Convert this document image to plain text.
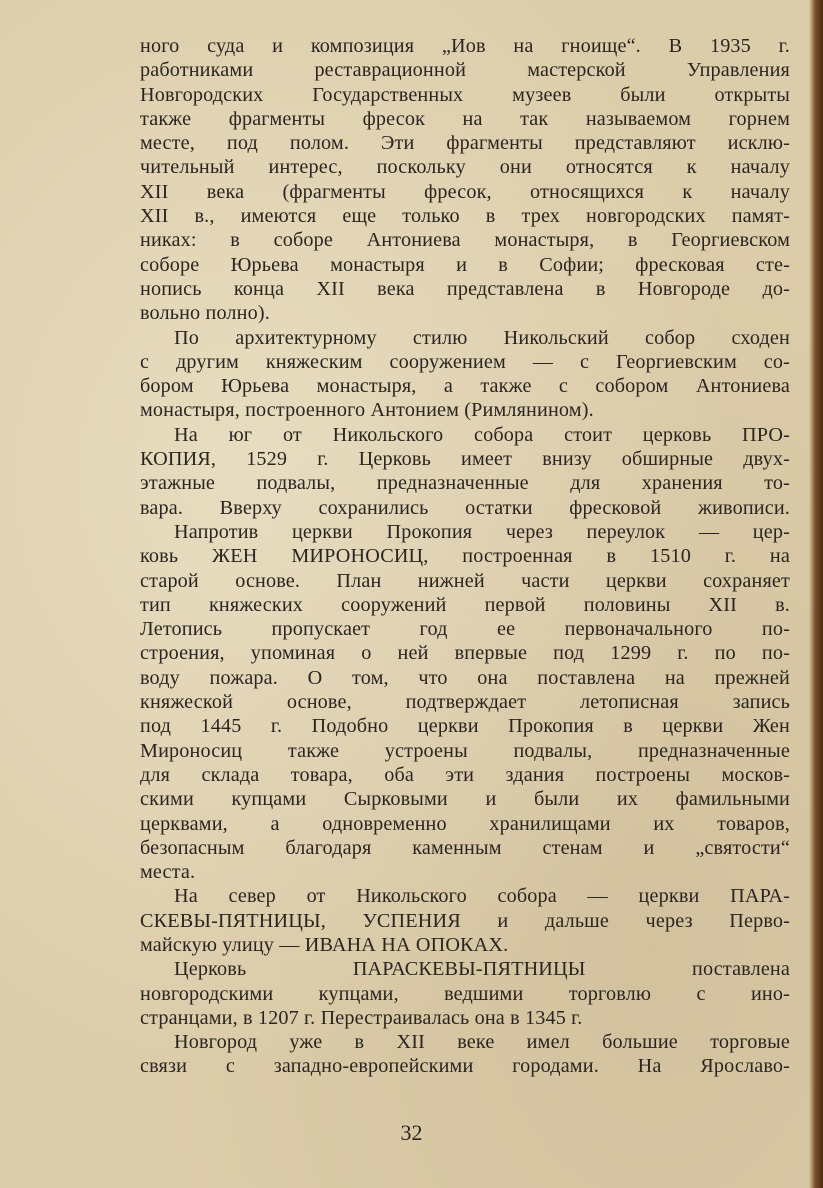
ного суда и композиция „Иов на гноище“. В 1935 г.
работниками реставрационной мастерской Управления
Новгородских Государственных музеев были открыты
также фрагменты фресок на так называемом горнем
месте, под полом. Эти фрагменты представляют исклю-
чительный интерес, поскольку они относятся к началу
XII века (фрагменты фресок, относящихся к началу
XII в., имеются еще только в трех новгородских памят-
никах: в соборе Антониева монастыря, в Георгиевском
соборе Юрьева монастыря и в Софии; фресковая сте-
нопись конца XII века представлена в Новгороде до-
вольно полно).
По архитектурному стилю Никольский собор сходен
с другим княжеским сооружением — с Георгиевским со-
бором Юрьева монастыря, а также с собором Антониева
монастыря, построенного Антонием (Римлянином).
На юг от Никольского собора стоит церковь ПРО-
КОПИЯ, 1529 г. Церковь имеет внизу обширные двух-
этажные подвалы, предназначенные для хранения то-
вара. Вверху сохранились остатки фресковой живописи.
Напротив церкви Прокопия через переулок — цер-
ковь ЖЕН МИРОНОСИЦ, построенная в 1510 г. на
старой основе. План нижней части церкви сохраняет
тип княжеских сооружений первой половины XII в.
Летопись пропускает год ее первоначального по-
строения, упоминая о ней впервые под 1299 г. по по-
воду пожара. О том, что она поставлена на прежней
княжеской основе, подтверждает летописная запись
под 1445 г. Подобно церкви Прокопия в церкви Жен
Мироносиц также устроены подвалы, предназначенные
для склада товара, оба эти здания построены москов-
скими купцами Сырковыми и были их фамильными
церквами, а одновременно хранилищами их товаров,
безопасным благодаря каменным стенам и „святости“
места.
На север от Никольского собора — церкви ПАРА-
СКЕВЫ-ПЯТНИЦЫ, УСПЕНИЯ и дальше через Перво-
майскую улицу — ИВАНА НА ОПОКАХ.
Церковь ПАРАСКЕВЫ-ПЯТНИЦЫ поставлена
новгородскими купцами, ведшими торговлю с ино-
странцами, в 1207 г. Перестраивалась она в 1345 г.
Новгород уже в XII веке имел большие торговые
связи с западно-европейскими городами. На Ярославо-
32
